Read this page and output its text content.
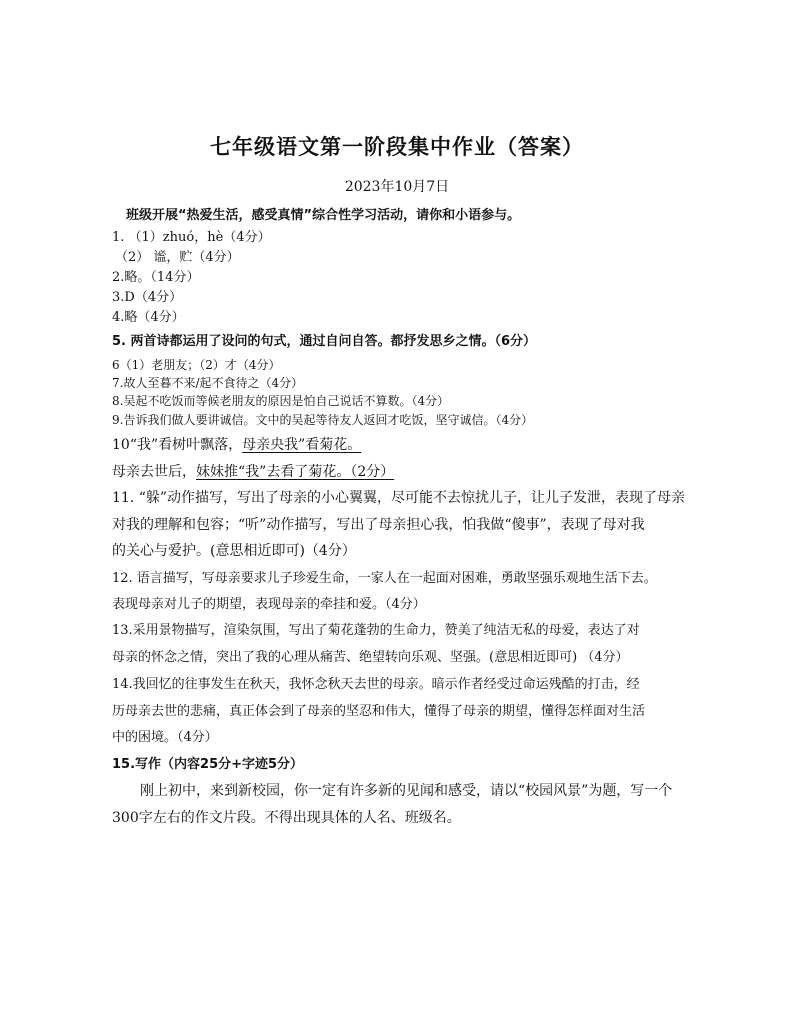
七年级语文第一阶段集中作业（答案）
2023年10月7日
班级开展“热爱生活，感受真情”综合性学习活动，请你和小语参与。
1. （1）zhuó，hè（4分）
（2） 谧，贮（4分）
2.略。（14分）
3.D（4分）
4.略（4分）
5. 两首诗都运用了设问的句式，通过自问自答。都抒发思乡之情。（6分）
6（1）老朋友；（2）才（4分）
7.故人至暮不来/起不食待之（4分）
8.吴起不吃饭而等候老朋友的原因是怕自己说话不算数。（4分）
9.告诉我们做人要讲诚信。文中的吴起等待友人返回才吃饭，坚守诚信。（4分）
10“我”看树叶飘落，母亲央我”看菊花。
母亲去世后，妹妹推“我”去看了菊花。（2分）
11. “躲”动作描写，写出了母亲的小心翼翼，尽可能不去惊扰儿子，让儿子发泄，表现了母亲
对我的理解和包容；“听”动作描写，写出了母亲担心我，怕我做“傻事”，表现了母对我
的关心与爱护。(意思相近即可)（4分）
12. 语言描写，写母亲要求儿子珍爱生命，一家人在一起面对困难，勇敢坚强乐观地生活下去。
表现母亲对儿子的期望，表现母亲的牵挂和爱。（4分）
13.采用景物描写，渲染氛围，写出了菊花蓬勃的生命力，赞美了纯洁无私的母爱，表达了对
母亲的怀念之情，突出了我的心理从痛苦、绝望转向乐观、坚强。(意思相近即可) （4分）
14.我回忆的往事发生在秋天，我怀念秋天去世的母亲。暗示作者经受过命运残酷的打击，经
历母亲去世的悲痛，真正体会到了母亲的坚忍和伟大，懂得了母亲的期望，懂得怎样面对生活
中的困境。（4分）
15.写作（内容25分+字迹5分）
刚上初中，来到新校园，你一定有许多新的见闻和感受，请以“校园风景”为题，写一个
300字左右的作文片段。不得出现具体的人名、班级名。
